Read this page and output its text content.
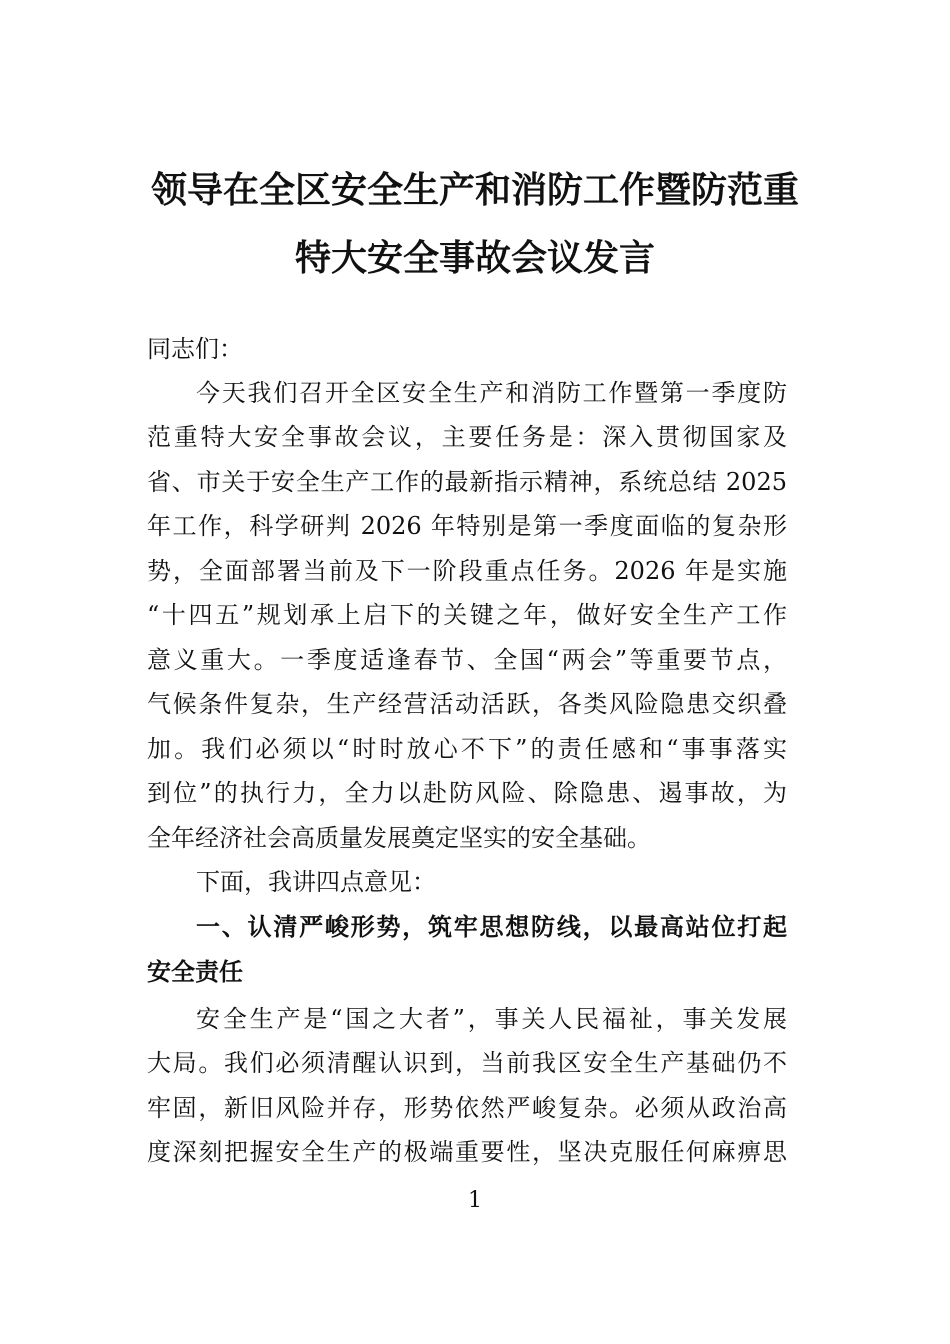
领导在全区安全生产和消防工作暨防范重
特大安全事故会议发言
同志们：
今天我们召开全区安全生产和消防工作暨第一季度防
范重特大安全事故会议，主要任务是：深入贯彻国家及
省、市关于安全生产工作的最新指示精神，系统总结 2025
年工作，科学研判 2026 年特别是第一季度面临的复杂形
势，全面部署当前及下一阶段重点任务。2026 年是实施
“十四五”规划承上启下的关键之年，做好安全生产工作
意义重大。一季度适逢春节、全国“两会”等重要节点，
气候条件复杂，生产经营活动活跃，各类风险隐患交织叠
加。我们必须以“时时放心不下”的责任感和“事事落实
到位”的执行力，全力以赴防风险、除隐患、遏事故，为
全年经济社会高质量发展奠定坚实的安全基础。
下面，我讲四点意见：
一、认清严峻形势，筑牢思想防线，以最高站位打起
安全责任
安全生产是“国之大者”，事关人民福祉，事关发展
大局。我们必须清醒认识到，当前我区安全生产基础仍不
牢固，新旧风险并存，形势依然严峻复杂。必须从政治高
度深刻把握安全生产的极端重要性，坚决克服任何麻痹思
1
